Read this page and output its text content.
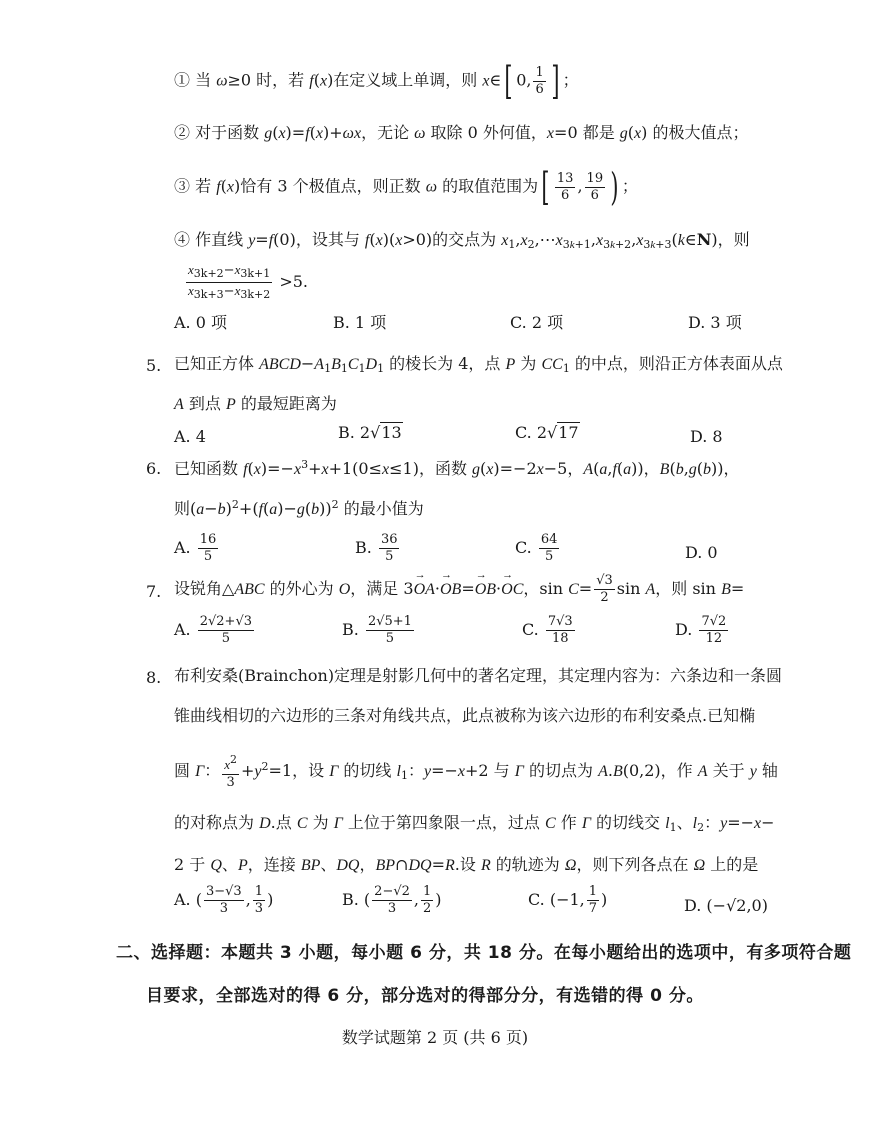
① 当 ω≥0 时，若 f(x)在定义域上单调，则 x∈[ 0, $\frac{1}{6}$ ] ；
② 对于函数 g(x)=f(x)+ωx，无论 ω 取除 0 外何值，x=0 都是 g(x) 的极大值点；
③ 若 f(x)恰有 3 个极值点，则正数 ω 的取值范围为[ $\frac{13}{6}$ , $\frac{19}{6}$ ) ；
④ 作直线 y=f(0)，设其与 f(x)(x>0)的交点为 $x_1,x_2,\cdots x_{3k+1},x_{3k+2},x_{3k+3}(k\in N)$，则
$\frac{x_{3k+2}-x_{3k+1}}{x_{3k+3}-x_{3k+2}} >5$.
A. 0 项	B. 1 项	C. 2 项	D. 3 项
5. 已知正方体 $ABCD-A_1B_1C_1D_1$ 的棱长为 4，点 P 为 $CC_1$ 的中点，则沿正方体表面从点
A 到点 P 的最短距离为
A. 4	B. 2√13	C. 2√17	D. 8
6. 已知函数 $f(x)=-x^3+x+1(0\le x\le 1)$，函数 g(x)=−2x−5，A(a,f(a))，B(b,g(b))，
则$(a-b)^2+(f(a)-g(b))^2$ 的最小值为
A. $\frac{16}{5}$	B. $\frac{36}{5}$	C. $\frac{64}{5}$	D. 0
7. 设锐角△ABC 的外心为 O，满足 3→ OA·→ OB=→ OB·→ OC，$\sin C= \frac{√3}{2}$ sin A，则 sin B=
A. $\frac{2√2+√3}{5}$	B. $\frac{2√5+1}{5}$	C. $\frac{7√3}{18}$	D. $\frac{7√2}{12}$
8. 布利安桑(Brainchon)定理是射影几何中的著名定理，其定理内容为：六条边和一条圆
锥曲线相切的六边形的三条对角线共点，此点被称为该六边形的布利安桑点.已知椭
圆 Γ： $\frac{x^2}{3} +y^2=1$，设 Γ 的切线 $l_1$：y=−x+2 与 Γ 的切点为 A.B(0,2)，作 A 关于 y 轴
的对称点为 D.点 C 为 Γ 上位于第四象限一点，过点 C 作 Γ 的切线交 $l_1$、$l_2$：y=−x−
2 于 Q、P，连接 BP、DQ，BP∩DQ=R.设 R 的轨迹为 Ω，则下列各点在 Ω 上的是
A. ( $\frac{3-√3}{3}$ , $\frac{1}{3}$ )	B. ( $\frac{2-√2}{3}$ , $\frac{1}{2}$ )	C. (−1, $\frac{1}{7}$ )	D. (−√2,0)
二、选择题：本题共 3 小题，每小题 6 分，共 18 分。在每小题给出的选项中，有多项符合题
目要求，全部选对的得 6 分，部分选对的得部分分，有选错的得 0 分。
数学试题第 2 页 (共 6 页)
